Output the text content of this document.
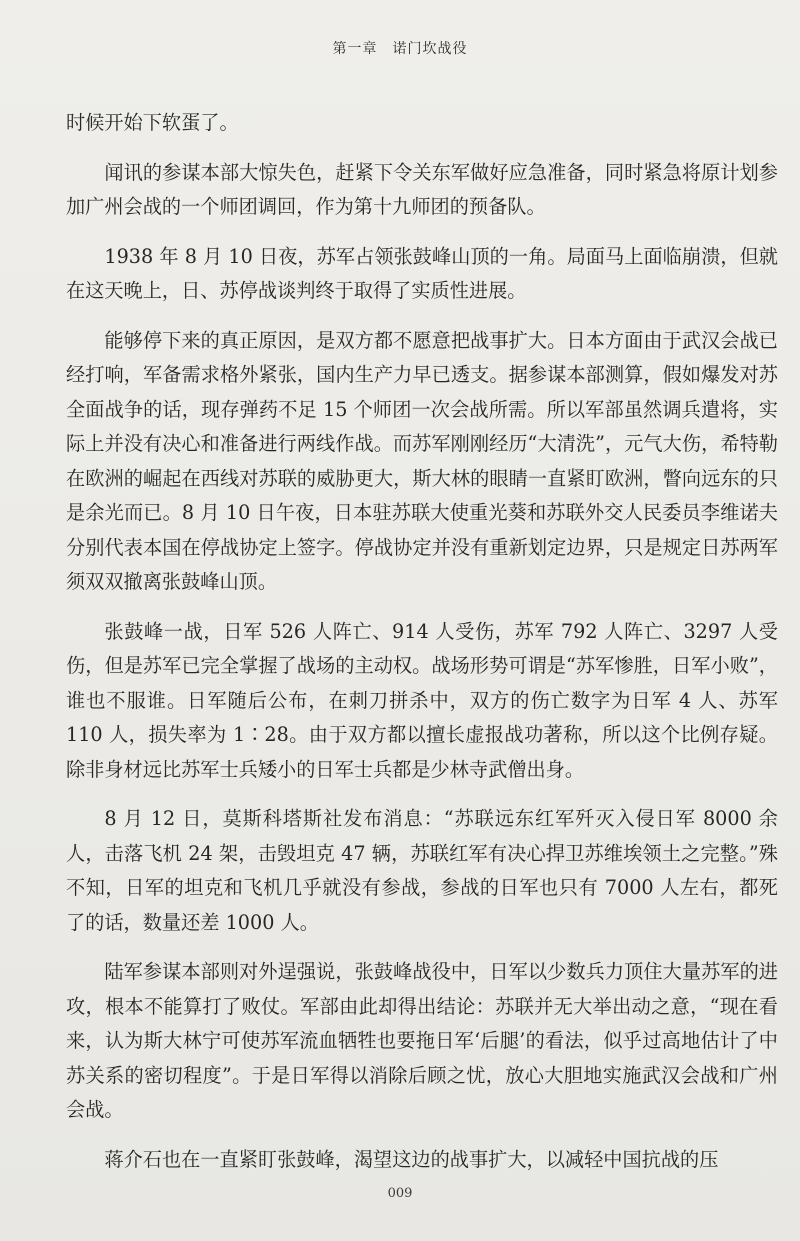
第一章　诺门坎战役

时候开始下软蛋了。

闻讯的参谋本部大惊失色，赶紧下令关东军做好应急准备，同时紧急将原计划参加广州会战的一个师团调回，作为第十九师团的预备队。

1938 年 8 月 10 日夜，苏军占领张鼓峰山顶的一角。局面马上面临崩溃，但就在这天晚上，日、苏停战谈判终于取得了实质性进展。

能够停下来的真正原因，是双方都不愿意把战事扩大。日本方面由于武汉会战已经打响，军备需求格外紧张，国内生产力早已透支。据参谋本部测算，假如爆发对苏全面战争的话，现存弹药不足 15 个师团一次会战所需。所以军部虽然调兵遣将，实际上并没有决心和准备进行两线作战。而苏军刚刚经历“大清洗”，元气大伤，希特勒在欧洲的崛起在西线对苏联的威胁更大，斯大林的眼睛一直紧盯欧洲，瞥向远东的只是余光而已。8 月 10 日午夜，日本驻苏联大使重光葵和苏联外交人民委员李维诺夫分别代表本国在停战协定上签字。停战协定并没有重新划定边界，只是规定日苏两军须双双撤离张鼓峰山顶。

张鼓峰一战，日军 526 人阵亡、914 人受伤，苏军 792 人阵亡、3297 人受伤，但是苏军已完全掌握了战场的主动权。战场形势可谓是“苏军惨胜，日军小败”，谁也不服谁。日军随后公布，在刺刀拼杀中，双方的伤亡数字为日军 4 人、苏军 110 人，损失率为 1∶28。由于双方都以擅长虚报战功著称，所以这个比例存疑。除非身材远比苏军士兵矮小的日军士兵都是少林寺武僧出身。

8 月 12 日，莫斯科塔斯社发布消息：“苏联远东红军歼灭入侵日军 8000 余人，击落飞机 24 架，击毁坦克 47 辆，苏联红军有决心捍卫苏维埃领土之完整。”殊不知，日军的坦克和飞机几乎就没有参战，参战的日军也只有 7000 人左右，都死了的话，数量还差 1000 人。

陆军参谋本部则对外逞强说，张鼓峰战役中，日军以少数兵力顶住大量苏军的进攻，根本不能算打了败仗。军部由此却得出结论：苏联并无大举出动之意，“现在看来，认为斯大林宁可使苏军流血牺牲也要拖日军‘后腿’的看法，似乎过高地估计了中苏关系的密切程度”。于是日军得以消除后顾之忧，放心大胆地实施武汉会战和广州会战。

蒋介石也在一直紧盯张鼓峰，渴望这边的战事扩大，以减轻中国抗战的压

009
